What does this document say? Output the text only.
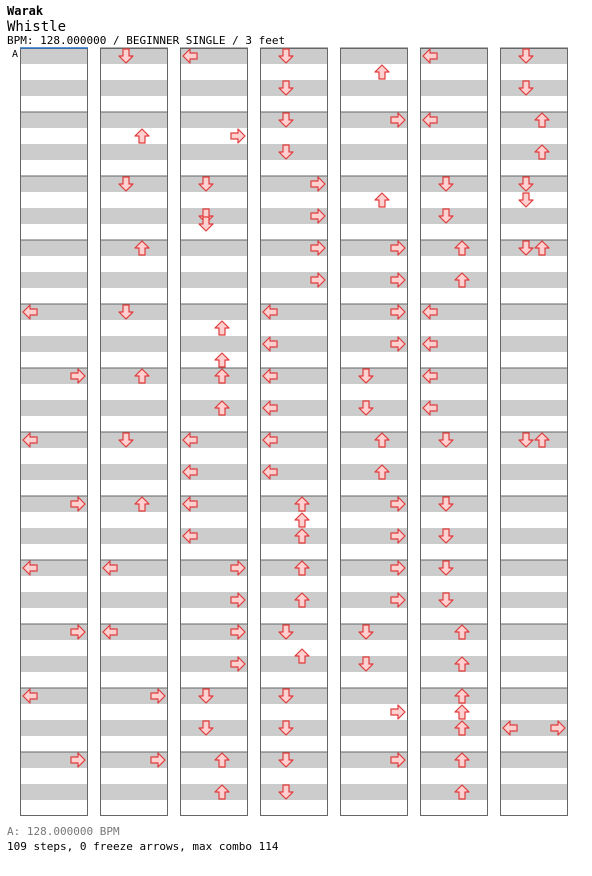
Warak
Whistle
BPM: 128.000000 / BEGINNER SINGLE / 3 feet
A
A: 128.000000 BPM
109 steps, 0 freeze arrows, max combo 114
